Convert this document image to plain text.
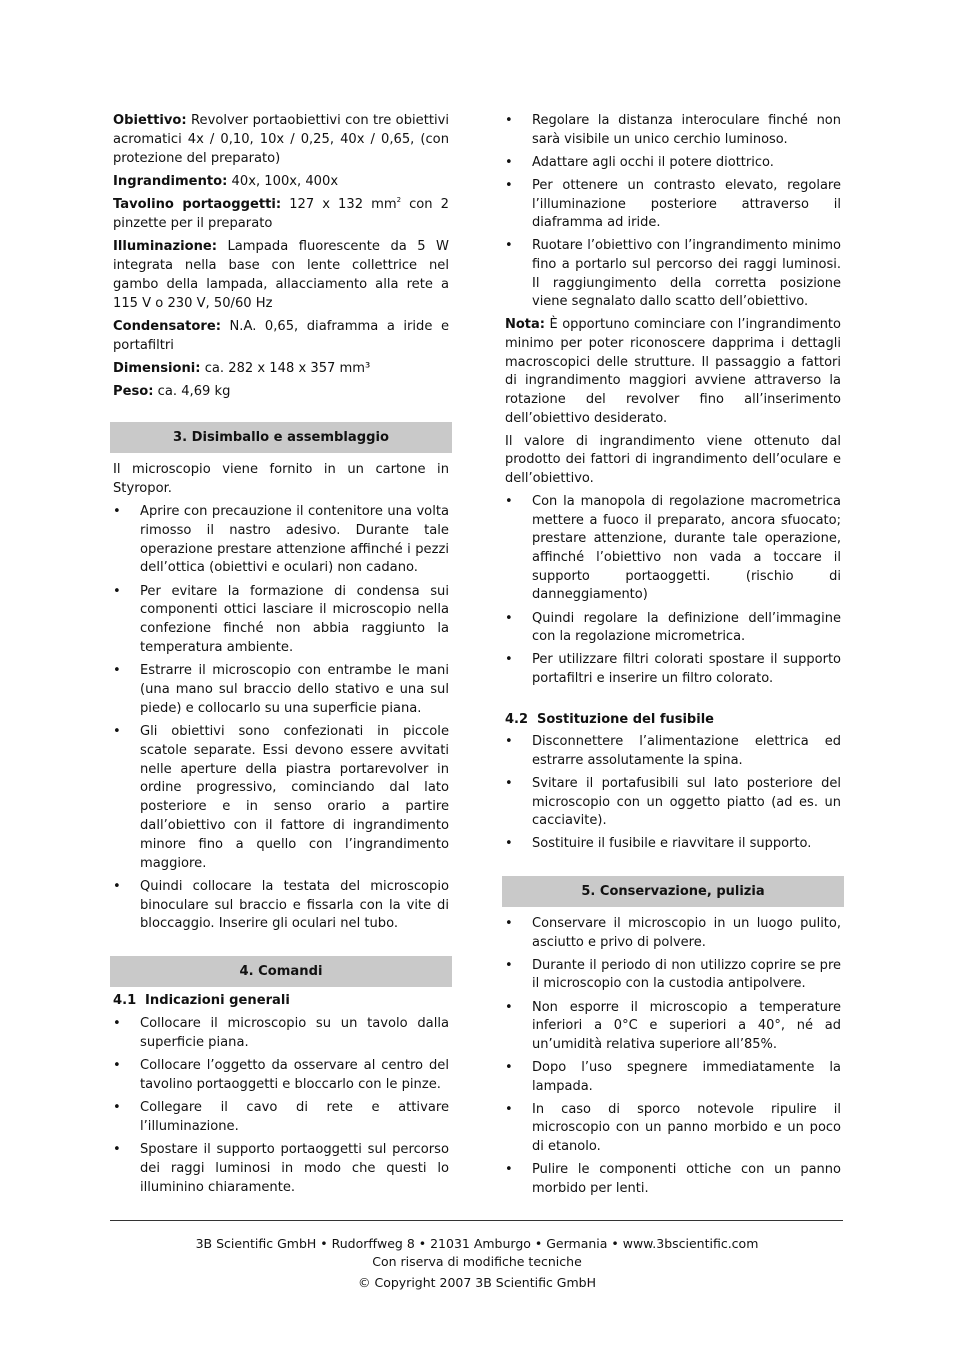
Obiettivo: Revolver portaobiettivi con tre obiettivi acromatici 4x / 0,10, 10x / 0,25, 40x / 0,65, (con protezione del preparato)

Ingrandimento: 40x, 100x, 400x

Tavolino portaoggetti: 127 x 132 $mm^2$ con 2 pinzette per il preparato

Illuminazione: Lampada fluorescente da 5 W integrata nella base con lente collettrice nel gambo della lampada, allacciamento alla rete a 115 V o 230 V, 50/60 Hz

Condensatore: N.A. 0,65, diaframma a iride e portafiltri

Dimensioni: ca. 282 x 148 x 357 mm³

Peso: ca. 4,69 kg

3. Disimballo e assemblaggio

Il microscopio viene fornito in un cartone in Styropor.

• Aprire con precauzione il contenitore una volta rimosso il nastro adesivo. Durante tale operazione prestare attenzione affinché i pezzi dell’ottica (obiettivi e oculari) non cadano.
• Per evitare la formazione di condensa sui componenti ottici lasciare il microscopio nella confezione finché non abbia raggiunto la temperatura ambiente.
• Estrarre il microscopio con entrambe le mani (una mano sul braccio dello stativo e una sul piede) e collocarlo su una superficie piana.
• Gli obiettivi sono confezionati in piccole scatole separate. Essi devono essere avvitati nelle aperture della piastra portarevolver in ordine progressivo, cominciando dal lato posteriore e in senso orario a partire dall’obiettivo con il fattore di ingrandimento minore fino a quello con l’ingrandimento maggiore.
• Quindi collocare la testata del microscopio binoculare sul braccio e fissarla con la vite di bloccaggio. Inserire gli oculari nel tubo.
4. Comandi
4.1 Indicazioni generali
• Collocare il microscopio su un tavolo dalla superficie piana.
• Collocare l’oggetto da osservare al centro del tavolino portaoggetti e bloccarlo con le pinze.
• Collegare il cavo di rete e attivare l’illuminazione.
• Spostare il supporto portaoggetti sul percorso dei raggi luminosi in modo che questi lo illuminino chiaramente.
• Regolare la distanza interoculare finché non sarà visibile un unico cerchio luminoso.
• Adattare agli occhi il potere diottrico.
• Per ottenere un contrasto elevato, regolare l’illuminazione posteriore attraverso il diaframma ad iride.
• Ruotare l’obiettivo con l’ingrandimento minimo fino a portarlo sul percorso dei raggi luminosi. Il raggiungimento della corretta posizione viene segnalato dallo scatto dell’obiettivo.

Nota: È opportuno cominciare con l’ingrandimento minimo per poter riconoscere dapprima i dettagli macroscopici delle strutture. Il passaggio a fattori di ingrandimento maggiori avviene attraverso la rotazione del revolver fino all’inserimento dell’obiettivo desiderato.

Il valore di ingrandimento viene ottenuto dal prodotto dei fattori di ingrandimento dell’oculare e dell’obiettivo.

• Con la manopola di regolazione macrometrica mettere a fuoco il preparato, ancora sfuocato; prestare attenzione, durante tale operazione, affinché l’obiettivo non vada a toccare il supporto portaoggetti. (rischio di danneggiamento)
• Quindi regolare la definizione dell’immagine con la regolazione micrometrica.
• Per utilizzare filtri colorati spostare il supporto portafiltri e inserire un filtro colorato.
4.2 Sostituzione del fusibile
• Disconnettere l’alimentazione elettrica ed estrarre assolutamente la spina.
• Svitare il portafusibili sul lato posteriore del microscopio con un oggetto piatto (ad es. un cacciavite).
• Sostituire il fusibile e riavvitare il supporto.
5. Conservazione, pulizia
• Conservare il microscopio in un luogo pulito, asciutto e privo di polvere.
• Durante il periodo di non utilizzo coprire se pre il microscopio con la custodia antipolvere.
• Non esporre il microscopio a temperature inferiori a 0°C e superiori a 40°, né ad un’umidità relativa superiore all’85%.
• Dopo l’uso spegnere immediatamente la lampada.
• In caso di sporco notevole ripulire il microscopio con un panno morbido e un poco di etanolo.
• Pulire le componenti ottiche con un panno morbido per lenti.
3B Scientific GmbH • Rudorffweg 8 • 21031 Amburgo • Germania • www.3bscientific.com
Con riserva di modifiche tecniche
© Copyright 2007 3B Scientific GmbH
